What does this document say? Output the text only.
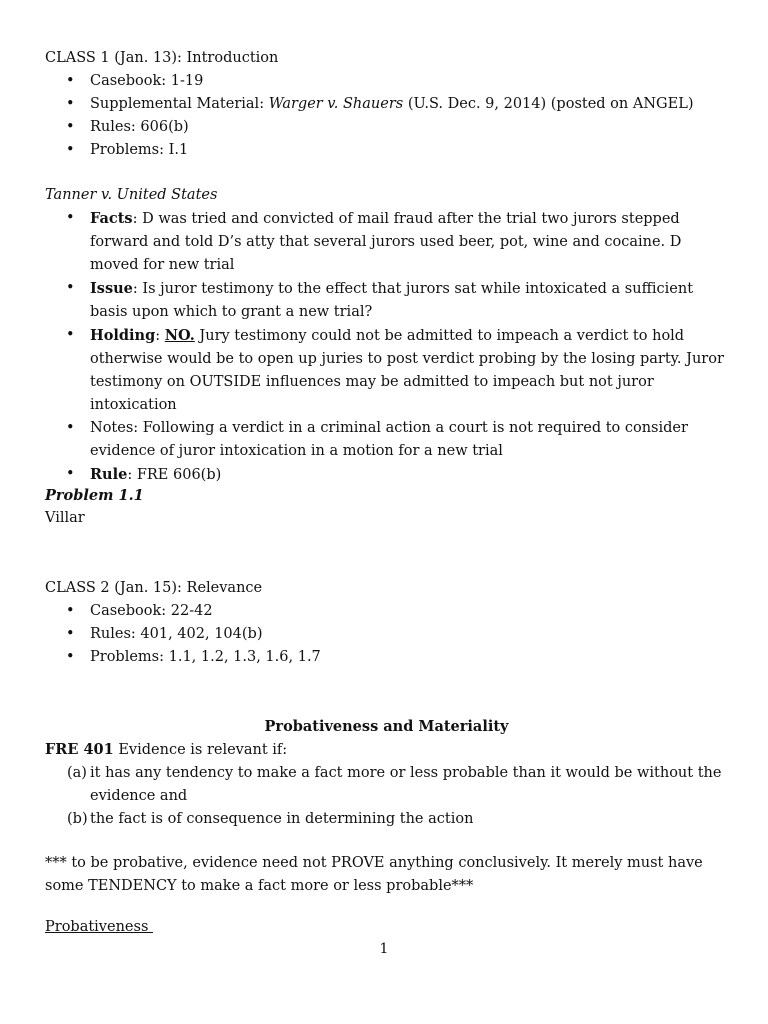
CLASS 1 (Jan. 13): Introduction
• Casebook: 1-19
• Supplemental Material: Warger v. Shauers (U.S. Dec. 9, 2014) (posted on ANGEL)
• Rules: 606(b)
• Problems: I.1
Tanner v. United States
• Facts: D was tried and convicted of mail fraud after the trial two jurors stepped forward and told D’s atty that several jurors used beer, pot, wine and cocaine. D moved for new trial
• Issue: Is juror testimony to the effect that jurors sat while intoxicated a sufficient basis upon which to grant a new trial?
• Holding: NO. Jury testimony could not be admitted to impeach a verdict to hold otherwise would be to open up juries to post verdict probing by the losing party. Juror testimony on OUTSIDE influences may be admitted to impeach but not juror intoxication
• Notes: Following a verdict in a criminal action a court is not required to consider evidence of juror intoxication in a motion for a new trial
• Rule: FRE 606(b)
Problem 1.1
Villar
CLASS 2 (Jan. 15): Relevance
• Casebook: 22-42
• Rules: 401, 402, 104(b)
• Problems: 1.1, 1.2, 1.3, 1.6, 1.7
Probativeness and Materiality
FRE 401 Evidence is relevant if:
(a) it has any tendency to make a fact more or less probable than it would be without the evidence and
(b) the fact is of consequence in determining the action
*** to be probative, evidence need not PROVE anything conclusively. It merely must have some TENDENCY to make a fact more or less probable***
Probativeness
1
